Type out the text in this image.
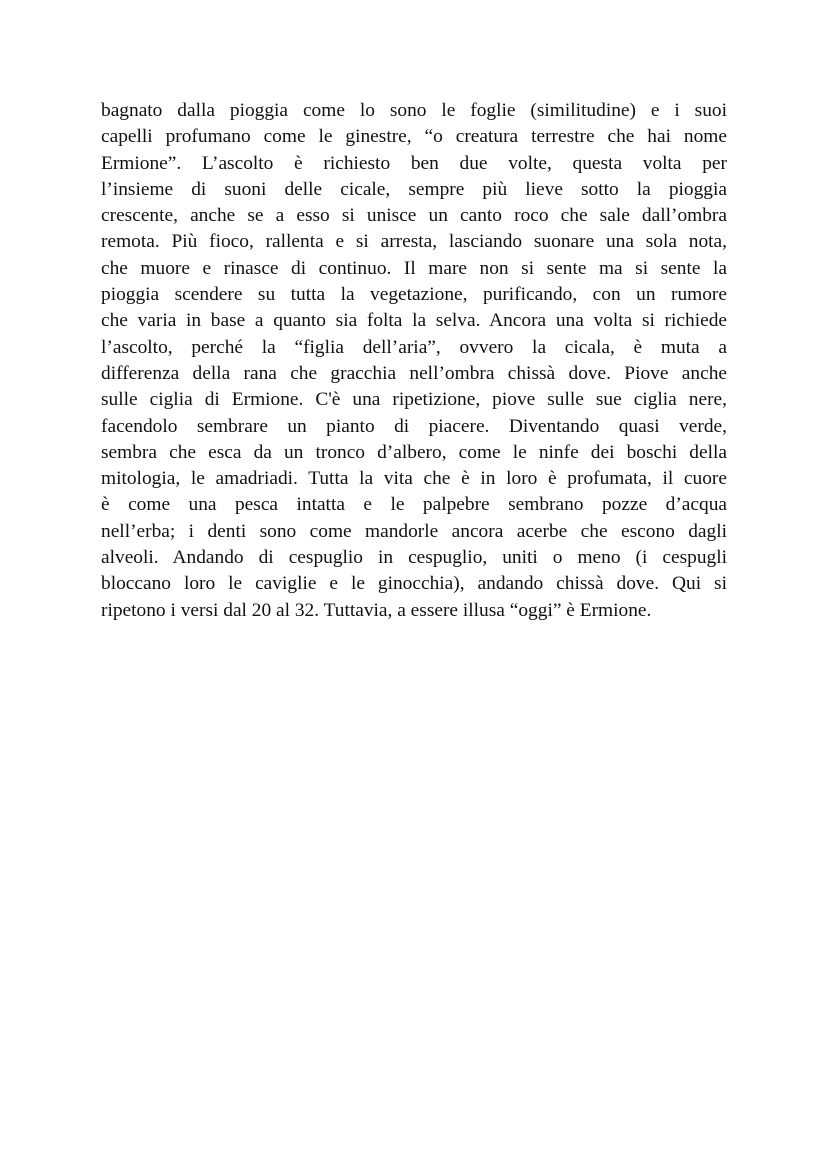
bagnato dalla pioggia come lo sono le foglie (similitudine) e i suoi
capelli profumano come le ginestre, “o creatura terrestre che hai nome
Ermione”. L’ascolto è richiesto ben due volte, questa volta per
l’insieme di suoni delle cicale, sempre più lieve sotto la pioggia
crescente, anche se a esso si unisce un canto roco che sale dall’ombra
remota. Più fioco, rallenta e si arresta, lasciando suonare una sola nota,
che muore e rinasce di continuo. Il mare non si sente ma si sente la
pioggia scendere su tutta la vegetazione, purificando, con un rumore
che varia in base a quanto sia folta la selva. Ancora una volta si richiede
l’ascolto, perché la “figlia dell’aria”, ovvero la cicala, è muta a
differenza della rana che gracchia nell’ombra chissà dove. Piove anche
sulle ciglia di Ermione. C'è una ripetizione, piove sulle sue ciglia nere,
facendolo sembrare un pianto di piacere. Diventando quasi verde,
sembra che esca da un tronco d’albero, come le ninfe dei boschi della
mitologia, le amadriadi. Tutta la vita che è in loro è profumata, il cuore
è come una pesca intatta e le palpebre sembrano pozze d’acqua
nell’erba; i denti sono come mandorle ancora acerbe che escono dagli
alveoli. Andando di cespuglio in cespuglio, uniti o meno (i cespugli
bloccano loro le caviglie e le ginocchia), andando chissà dove. Qui si
ripetono i versi dal 20 al 32. Tuttavia, a essere illusa “oggi” è Ermione.
